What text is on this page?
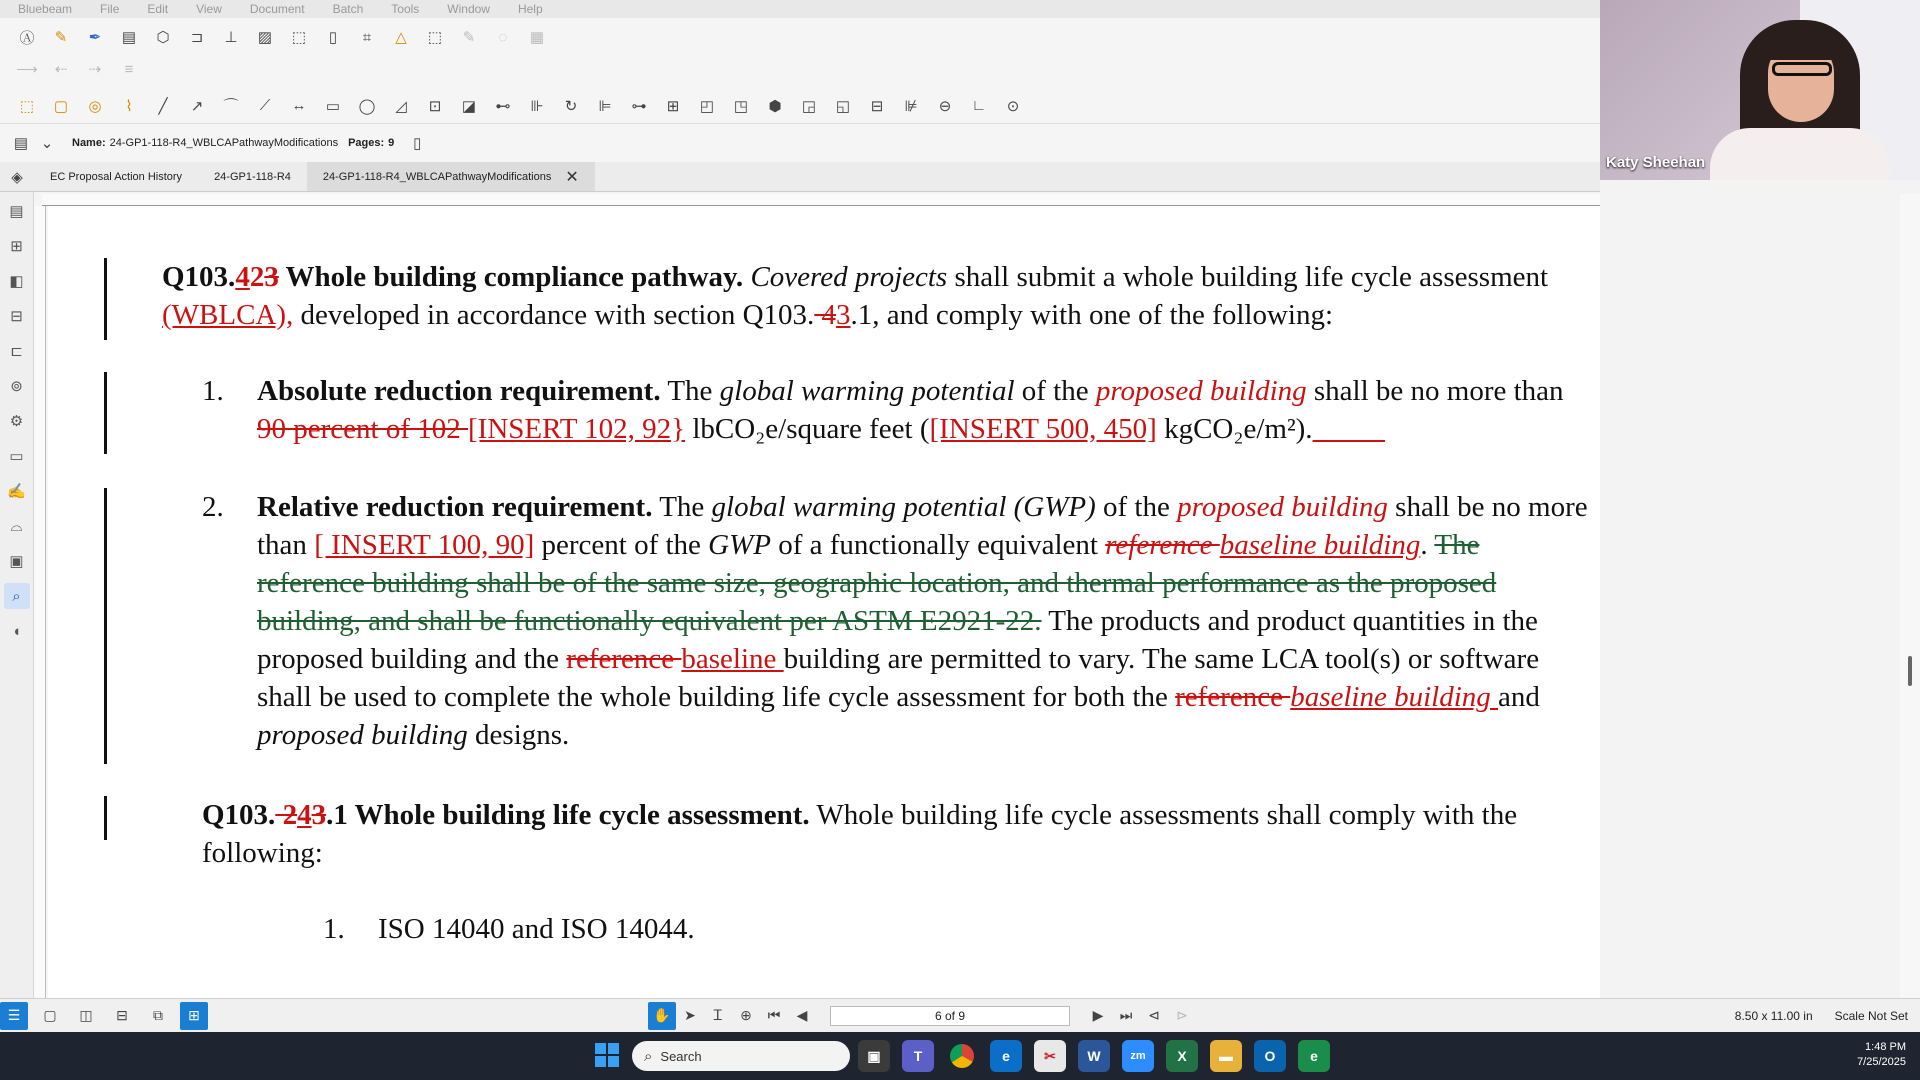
Bluebeam File Edit View Document Batch Tools Window Help
Ⓐ	✎	✒	▤	⬡	⊐	⊥	▨	⬚	▯	⌗	△	⬚	✎	◌	▦
⟶	⇠	⇢	≡
⬚	▢	◎	⌇	╱	↗	⌒	⟋	↔	▭	◯	◿	⊡	◪	⊷	⊪	↻	⊫	⊶	⊞	◰	◳	⬢	◲	◱	⊟	⊯	⊖	∟	⊙
▤ ⌄	Name: 24-GP1-118-R4_WBLCAPathwayModifications Pages: 9	▯
◈	EC Proposal Action History	24-GP1-118-R4	24-GP1-118-R4_WBLCAPathwayModifications ✕
▤
⊞
◧
⊟
⊏
⊚
⚙
▭
✍
⌓
▣
⌕
◖
Q103.423 Whole building compliance pathway. Covered projects shall submit a whole building life cycle assessment
(WBLCA), developed in accordance with section Q103. 43.1, and comply with one of the following:
1. Absolute reduction requirement. The global warming potential of the proposed building shall be no more than
90 percent of 102 [INSERT 102, 92} lbCO₂e/square feet ([INSERT 500, 450] kgCO₂e/m²).
2. Relative reduction requirement. The global warming potential (GWP) of the proposed building shall be no more
than [ INSERT 100, 90] percent of the GWP of a functionally equivalent reference baseline building. The
reference building shall be of the same size, geographic location, and thermal performance as the proposed
building, and shall be functionally equivalent per ASTM E2921-22. The products and product quantities in the
proposed building and the reference baseline building are permitted to vary. The same LCA tool(s) or software
shall be used to complete the whole building life cycle assessment for both the reference baseline building and
proposed building designs.
Q103. 243.1 Whole building life cycle assessment. Whole building life cycle assessments shall comply with the
following:
1. ISO 14040 and ISO 14044.
☰	▢	◫	⊟	⧉	⊞	✋ ➤	Ꮖ	⊕	⏮	◀	6 of 9	▶	⏭	⊲	⊳	8.50 x 11.00 in Scale Not Set
Katy Sheehan
⌕ Search	▣	T	e	✂	W	zm	X	▬	O	e
1:48 PM
7/25/2025
